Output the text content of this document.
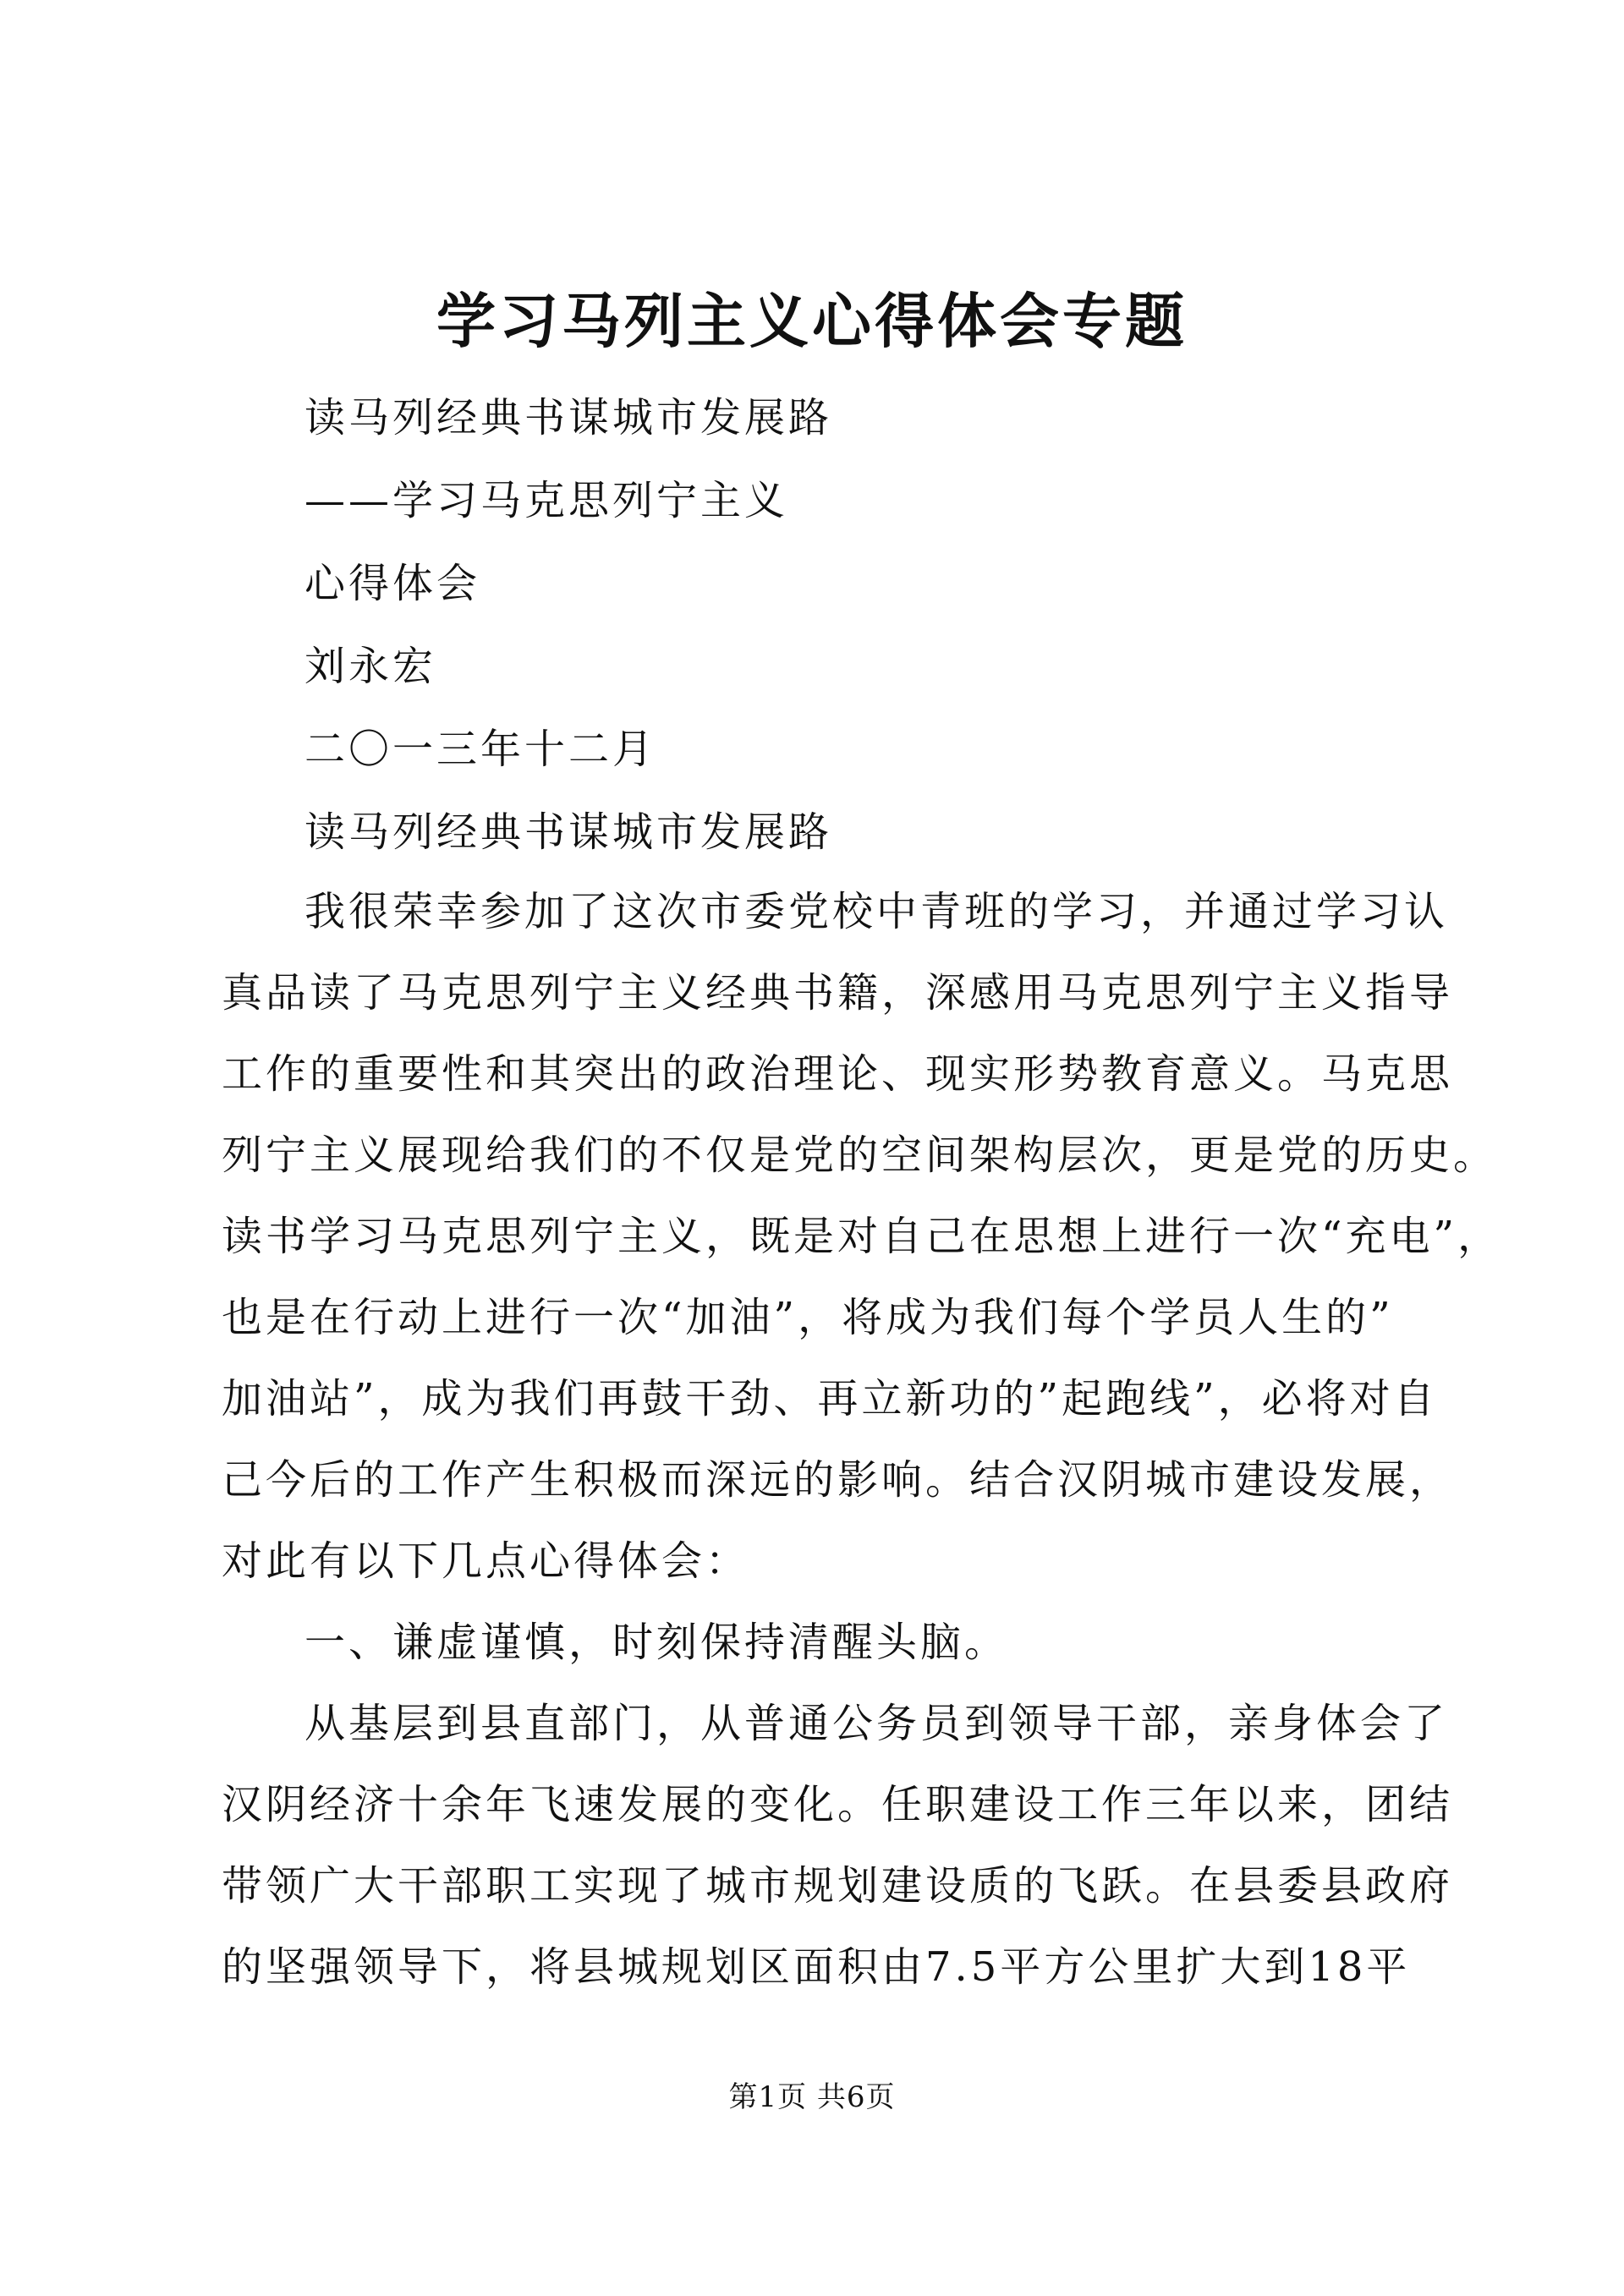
学习马列主义心得体会专题
读马列经典书谋城市发展路
——学习马克思列宁主义
心得体会
刘永宏
二〇一三年十二月
读马列经典书谋城市发展路
我很荣幸参加了这次市委党校中青班的学习，并通过学习认
真品读了马克思列宁主义经典书籍，深感用马克思列宁主义指导
工作的重要性和其突出的政治理论、现实形势教育意义。马克思
列宁主义展现给我们的不仅是党的空间架构层次，更是党的历史。
读书学习马克思列宁主义，既是对自己在思想上进行一次“充电”，
也是在行动上进行一次“加油”，将成为我们每个学员人生的”
加油站”，成为我们再鼓干劲、再立新功的”起跑线”，必将对自
己今后的工作产生积极而深远的影响。结合汉阴城市建设发展，
对此有以下几点心得体会：
一、谦虚谨慎，时刻保持清醒头脑。
从基层到县直部门，从普通公务员到领导干部，亲身体会了
汉阴经济十余年飞速发展的变化。任职建设工作三年以来，团结
带领广大干部职工实现了城市规划建设质的飞跃。在县委县政府
的坚强领导下，将县城规划区面积由7.5平方公里扩大到18平
第1页 共6页
